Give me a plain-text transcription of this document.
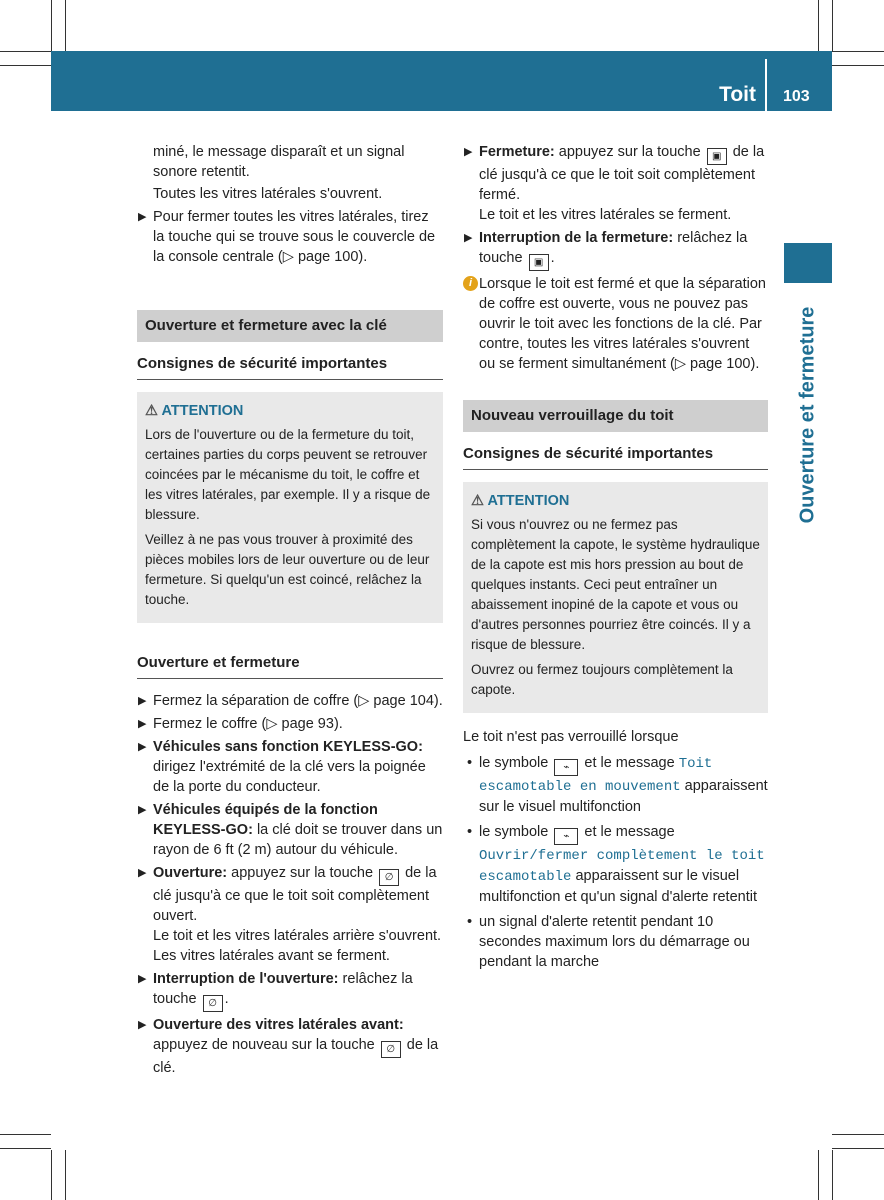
Toit 103
Ouverture et fermeture

miné, le message disparaît et un signal sonore retentit.

Toutes les vitres latérales s'ouvrent.

▶ Pour fermer toutes les vitres latérales, tirez la touche qui se trouve sous le couvercle de la console centrale (▷ page 100).
Ouverture et fermeture avec la clé
Consignes de sécurité importantes

⚠ ATTENTION

Lors de l'ouverture ou de la fermeture du toit, certaines parties du corps peuvent se retrouver coincées par le mécanisme du toit, le coffre et les vitres latérales, par exemple. Il y a risque de blessure.

Veillez à ne pas vous trouver à proximité des pièces mobiles lors de leur ouverture ou de leur fermeture. Si quelqu'un est coincé, relâchez la touche.

Ouverture et fermeture
▶ Fermez la séparation de coffre (▷ page 104).
▶ Fermez le coffre (▷ page 93).
▶ Véhicules sans fonction KEYLESS-GO: dirigez l'extrémité de la clé vers la poignée de la porte du conducteur.
▶ Véhicules équipés de la fonction KEYLESS-GO: la clé doit se trouver dans un rayon de 6 ft (2 m) autour du véhicule.
▶ Ouverture: appuyez sur la touche ∅ de la clé jusqu'à ce que le toit soit complètement ouvert.
Le toit et les vitres latérales arrière s'ouvrent. Les vitres latérales avant se ferment.
▶ Interruption de l'ouverture: relâchez la touche ∅ .
▶ Ouverture des vitres latérales avant: appuyez de nouveau sur la touche ∅ de la clé.
▶ Fermeture: appuyez sur la touche ▣ de la clé jusqu'à ce que le toit soit complètement fermé.
Le toit et les vitres latérales se ferment.
▶ Interruption de la fermeture: relâchez la touche ▣ .
i Lorsque le toit est fermé et que la séparation de coffre est ouverte, vous ne pouvez pas ouvrir le toit avec les fonctions de la clé. Par contre, toutes les vitres latérales s'ouvrent ou se ferment simultanément (▷ page 100).
Nouveau verrouillage du toit
Consignes de sécurité importantes

⚠ ATTENTION

Si vous n'ouvrez ou ne fermez pas complètement la capote, le système hydraulique de la capote est mis hors pression au bout de quelques instants. Ceci peut entraîner un abaissement inopiné de la capote et vous ou d'autres personnes pourriez être coincés. Il y a risque de blessure.

Ouvrez ou fermez toujours complètement la capote.

Le toit n'est pas verrouillé lorsque

• le symbole ⌁ et le message Toit escamotable en mouvement apparaissent sur le visuel multifonction
• le symbole ⌁ et le message Ouvrir/fermer complètement le toit escamotable apparaissent sur le visuel multifonction et qu'un signal d'alerte retentit
• un signal d'alerte retentit pendant 10 secondes maximum lors du démarrage ou pendant la marche
